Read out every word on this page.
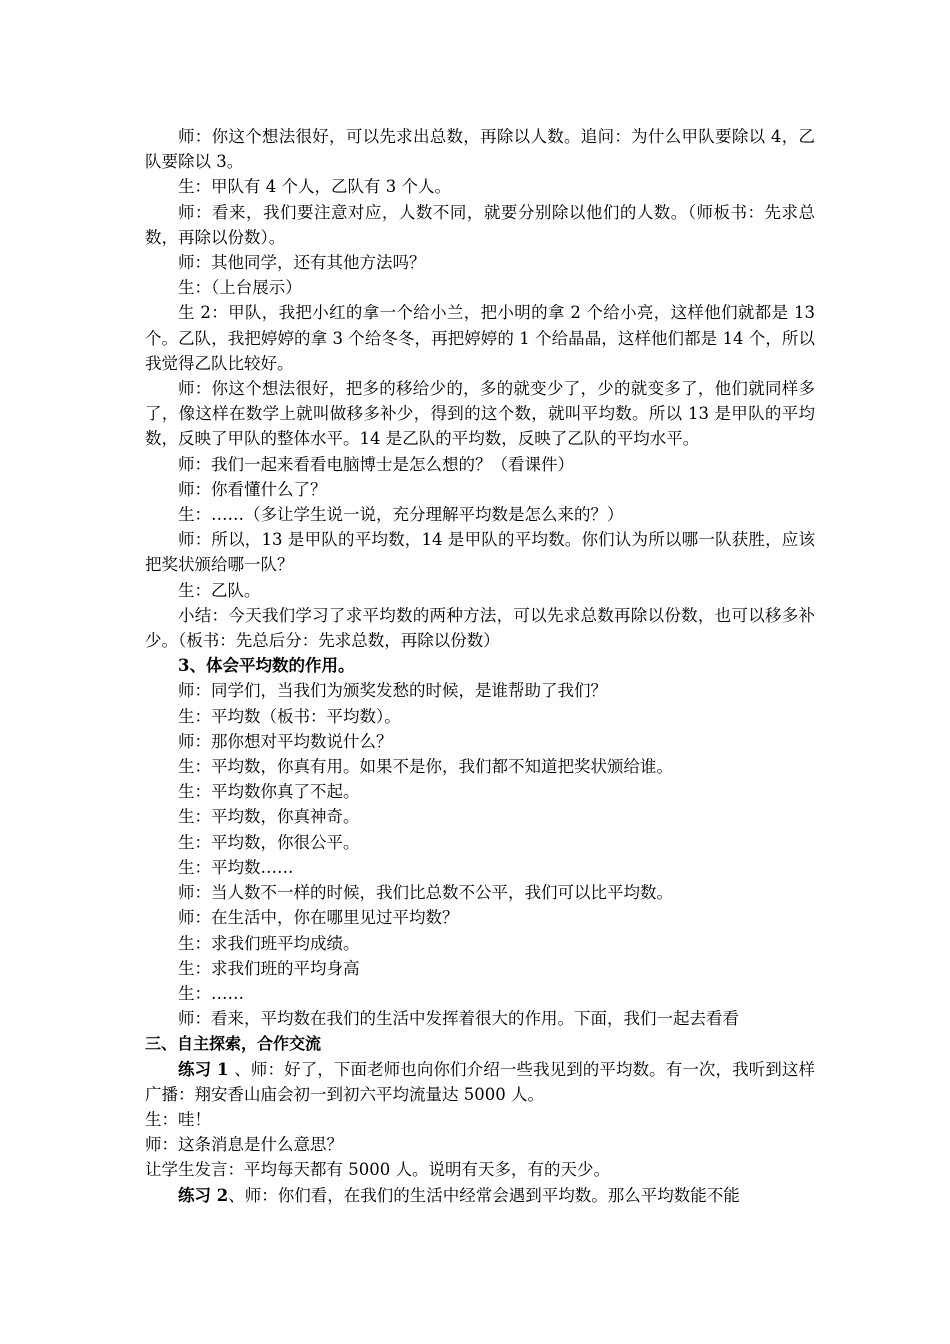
师：你这个想法很好，可以先求出总数，再除以人数。追问：为什么甲队要除以 4，乙队要除以 3。

生：甲队有 4 个人，乙队有 3 个人。

师：看来，我们要注意对应，人数不同，就要分别除以他们的人数。（师板书：先求总数，再除以份数）。

师：其他同学，还有其他方法吗？

生：（上台展示）

生 2：甲队，我把小红的拿一个给小兰，把小明的拿 2 个给小亮，这样他们就都是 13 个。乙队，我把婷婷的拿 3 个给冬冬，再把婷婷的 1 个给晶晶，这样他们都是 14 个，所以我觉得乙队比较好。

师：你这个想法很好，把多的移给少的，多的就变少了，少的就变多了，他们就同样多了，像这样在数学上就叫做移多补少，得到的这个数，就叫平均数。所以 13 是甲队的平均数，反映了甲队的整体水平。14 是乙队的平均数，反映了乙队的平均水平。

师：我们一起来看看电脑博士是怎么想的？（看课件）

师：你看懂什么了？

生：……（多让学生说一说，充分理解平均数是怎么来的？）

师：所以，13 是甲队的平均数，14 是甲队的平均数。你们认为所以哪一队获胜，应该把奖状颁给哪一队？

生：乙队。

小结：今天我们学习了求平均数的两种方法，可以先求总数再除以份数，也可以移多补少。（板书：先总后分：先求总数，再除以份数）

3、体会平均数的作用。

师：同学们，当我们为颁奖发愁的时候，是谁帮助了我们？

生：平均数（板书：平均数）。

师：那你想对平均数说什么？

生：平均数，你真有用。如果不是你，我们都不知道把奖状颁给谁。

生：平均数你真了不起。

生：平均数，你真神奇。

生：平均数，你很公平。

生：平均数……

师：当人数不一样的时候，我们比总数不公平，我们可以比平均数。

师：在生活中，你在哪里见过平均数？

生：求我们班平均成绩。

生：求我们班的平均身高

生：……

师：看来，平均数在我们的生活中发挥着很大的作用。下面，我们一起去看看

三、自主探索，合作交流

练习 1 、师：好了，下面老师也向你们介绍一些我见到的平均数。有一次，我听到这样广播：翔安香山庙会初一到初六平均流量达 5000 人。

生：哇！

师：这条消息是什么意思？

让学生发言：平均每天都有 5000 人。说明有天多，有的天少。

练习 2、师：你们看，在我们的生活中经常会遇到平均数。那么平均数能不能
